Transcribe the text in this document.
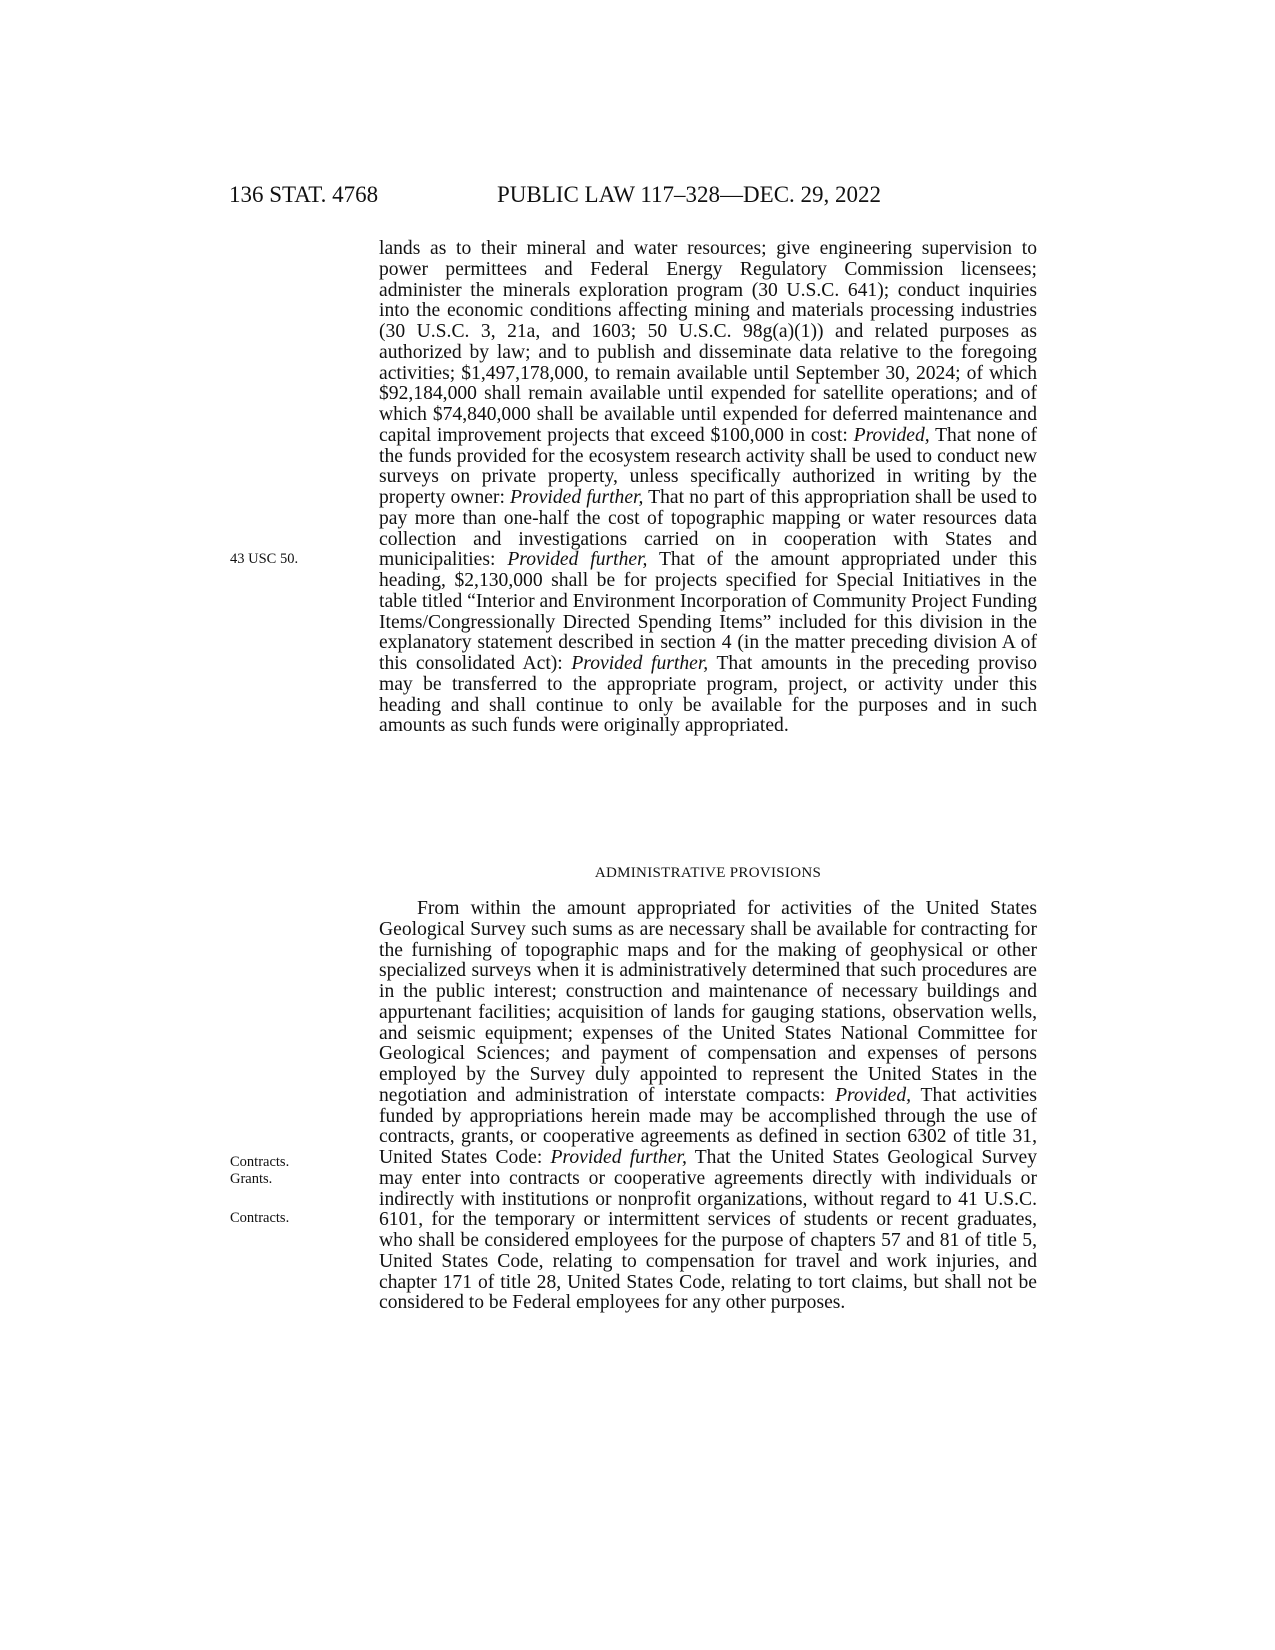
136 STAT. 4768	PUBLIC LAW 117–328—DEC. 29, 2022
43 USC 50.
Contracts.
Grants.
Contracts.
lands as to their mineral and water resources; give engineering supervision to power permittees and Federal Energy Regulatory Commission licensees; administer the minerals exploration program (30 U.S.C. 641); conduct inquiries into the economic conditions affecting mining and materials processing industries (30 U.S.C. 3, 21a, and 1603; 50 U.S.C. 98g(a)(1)) and related purposes as authorized by law; and to publish and disseminate data relative to the foregoing activities; $1,497,178,000, to remain available until September 30, 2024; of which $92,184,000 shall remain available until expended for satellite operations; and of which $74,840,000 shall be available until expended for deferred maintenance and capital improvement projects that exceed $100,000 in cost: Provided, That none of the funds provided for the ecosystem research activity shall be used to conduct new surveys on private property, unless specifically authorized in writing by the property owner: Provided further, That no part of this appropriation shall be used to pay more than one-half the cost of topographic mapping or water resources data collection and investigations carried on in cooperation with States and municipalities: Provided further, That of the amount appropriated under this heading, $2,130,000 shall be for projects specified for Special Initiatives in the table titled “Interior and Environment Incorporation of Community Project Funding Items/Congressionally Directed Spending Items” included for this division in the explanatory statement described in section 4 (in the matter preceding division A of this consolidated Act): Provided further, That amounts in the preceding proviso may be transferred to the appropriate program, project, or activity under this heading and shall continue to only be available for the purposes and in such amounts as such funds were originally appropriated.
ADMINISTRATIVE PROVISIONS
From within the amount appropriated for activities of the United States Geological Survey such sums as are necessary shall be available for contracting for the furnishing of topographic maps and for the making of geophysical or other specialized surveys when it is administratively determined that such procedures are in the public interest; construction and maintenance of necessary buildings and appurtenant facilities; acquisition of lands for gauging stations, observation wells, and seismic equipment; expenses of the United States National Committee for Geological Sciences; and payment of compensation and expenses of persons employed by the Survey duly appointed to represent the United States in the negotiation and administration of interstate compacts: Provided, That activities funded by appropriations herein made may be accomplished through the use of contracts, grants, or cooperative agreements as defined in section 6302 of title 31, United States Code: Provided further, That the United States Geological Survey may enter into contracts or cooperative agreements directly with individuals or indirectly with institutions or nonprofit organizations, without regard to 41 U.S.C. 6101, for the temporary or intermittent services of students or recent graduates, who shall be considered employees for the purpose of chapters 57 and 81 of title 5, United States Code, relating to compensation for travel and work injuries, and chapter 171 of title 28, United States Code, relating to tort claims, but shall not be considered to be Federal employees for any other purposes.
